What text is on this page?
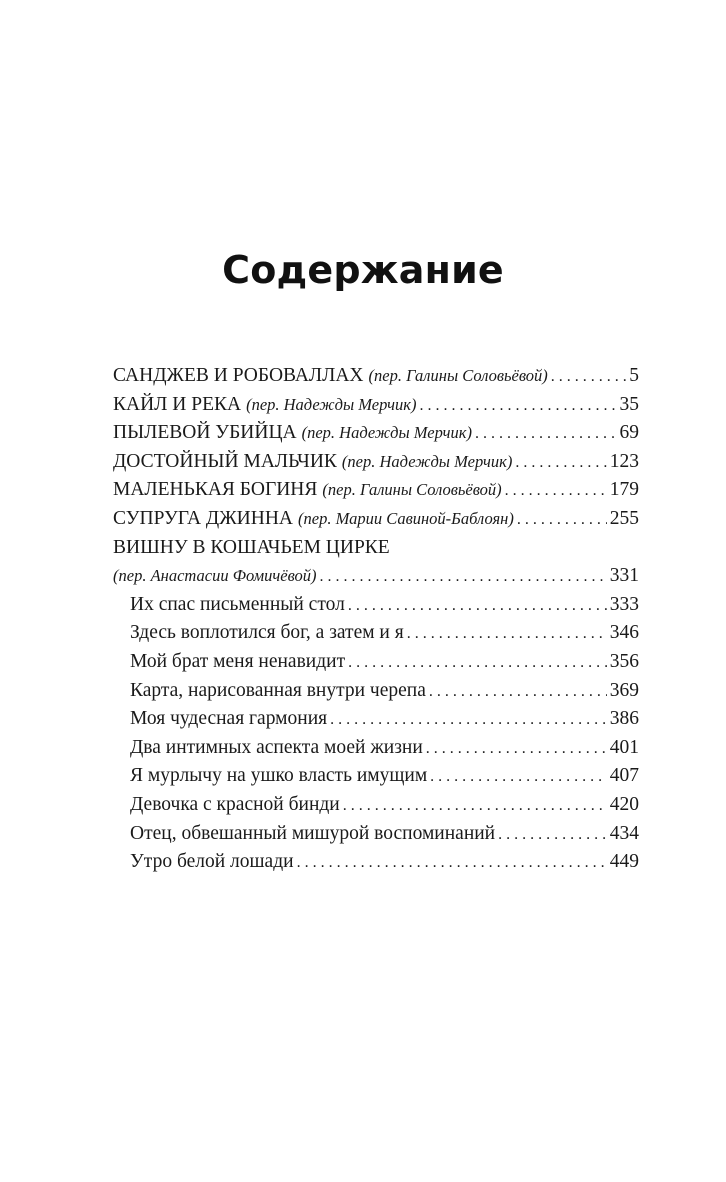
Содержание
САНДЖЕВ И РОБОВАЛЛАХ (пер. Галины Соловьёвой) . . .	5
КАЙЛ И РЕКА (пер. Надежды Мерчик) . . .	35
ПЫЛЕВОЙ УБИЙЦА (пер. Надежды Мерчик) . . .	69
ДОСТОЙНЫЙ МАЛЬЧИК (пер. Надежды Мерчик) . . .	123
МАЛЕНЬКАЯ БОГИНЯ (пер. Галины Соловьёвой) . . .	179
СУПРУГА ДЖИННА (пер. Марии Савиной-Баблоян) . . .	255
ВИШНУ В КОШАЧЬЕМ ЦИРКЕ
(пер. Анастасии Фомичёвой) . . .	331
Их спас письменный стол . . .	333
Здесь воплотился бог, а затем и я . . .	346
Мой брат меня ненавидит . . .	356
Карта, нарисованная внутри черепа . . .	369
Моя чудесная гармония . . .	386
Два интимных аспекта моей жизни . . .	401
Я мурлычу на ушко власть имущим . . .	407
Девочка с красной бинди . . .	420
Отец, обвешанный мишурой воспоминаний . . .	434
Утро белой лошади . . .	449
